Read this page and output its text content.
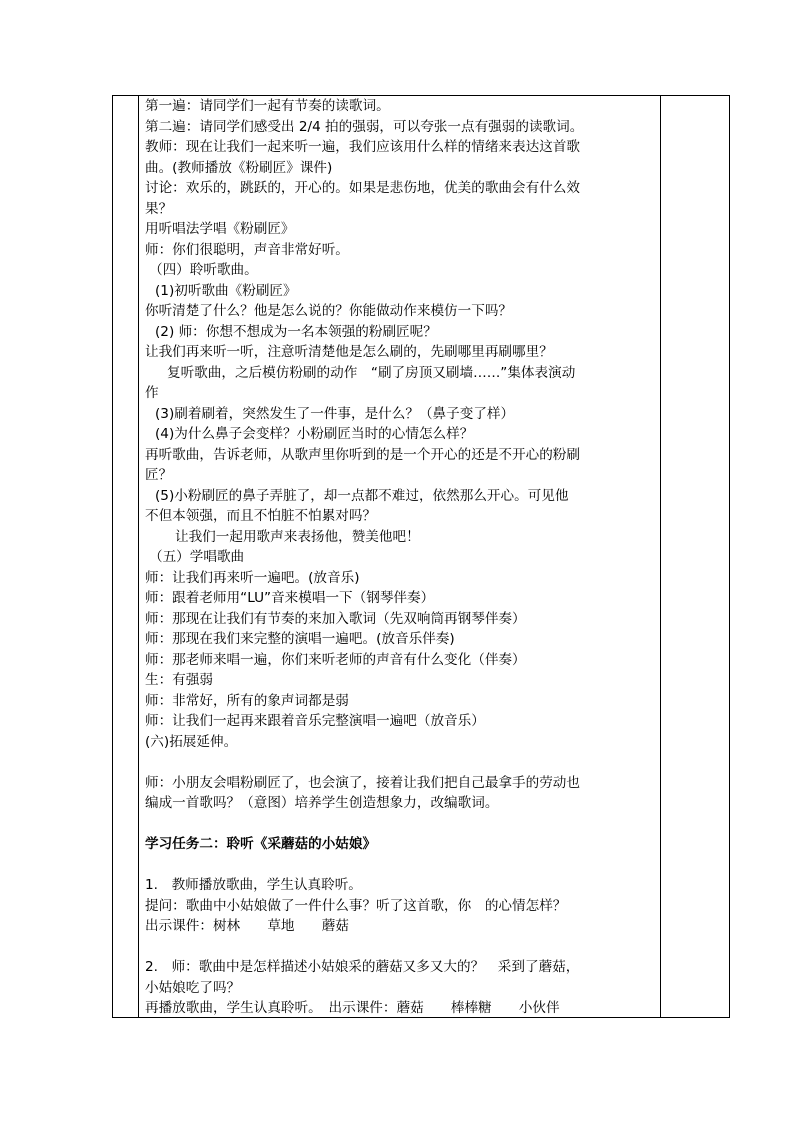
第一遍：请同学们一起有节奏的读歌词。

第二遍：请同学们感受出 2/4 拍的强弱，可以夸张一点有强弱的读歌词。

教师：现在让我们一起来听一遍，我们应该用什么样的情绪来表达这首歌

曲。(教师播放《粉刷匠》课件)

讨论：欢乐的，跳跃的，开心的。如果是悲伤地，优美的歌曲会有什么效

果？

用听唱法学唱《粉刷匠》

师：你们很聪明，声音非常好听。

（四）聆听歌曲。

(1)初听歌曲《粉刷匠》

你听清楚了什么？他是怎么说的？你能做动作来模仿一下吗？

(2) 师：你想不想成为一名本领强的粉刷匠呢？

让我们再来听一听，注意听清楚他是怎么刷的，先刷哪里再刷哪里？

复听歌曲，之后模仿粉刷的动作　“刷了房顶又刷墙……”集体表演动

作

(3)刷着刷着，突然发生了一件事，是什么？（鼻子变了样）

(4)为什么鼻子会变样？小粉刷匠当时的心情怎么样？

再听歌曲，告诉老师，从歌声里你听到的是一个开心的还是不开心的粉刷

匠？

(5)小粉刷匠的鼻子弄脏了，却一点都不难过，依然那么开心。可见他

不但本领强，而且不怕脏不怕累对吗？

让我们一起用歌声来表扬他，赞美他吧！

（五）学唱歌曲

师：让我们再来听一遍吧。(放音乐)

师：跟着老师用“LU”音来模唱一下（钢琴伴奏）

师：那现在让我们有节奏的来加入歌词（先双响筒再钢琴伴奏）

师：那现在我们来完整的演唱一遍吧。(放音乐伴奏)

师：那老师来唱一遍，你们来听老师的声音有什么变化（伴奏）

生：有强弱

师：非常好，所有的象声词都是弱

师：让我们一起再来跟着音乐完整演唱一遍吧（放音乐）

(六)拓展延伸。

师：小朋友会唱粉刷匠了，也会演了，接着让我们把自己最拿手的劳动也

编成一首歌吗？（意图）培养学生创造想象力，改编歌词。

学习任务二：聆听《采蘑菇的小姑娘》

1.　教师播放歌曲，学生认真聆听。

提问：歌曲中小姑娘做了一件什么事？听了这首歌，你　的心情怎样？

出示课件：树林　　草地　　蘑菇

2.　师：歌曲中是怎样描述小姑娘采的蘑菇又多又大的？　采到了蘑菇，

小姑娘吃了吗？

再播放歌曲，学生认真聆听。　出示课件：蘑菇　　棒棒糖　　小伙伴
